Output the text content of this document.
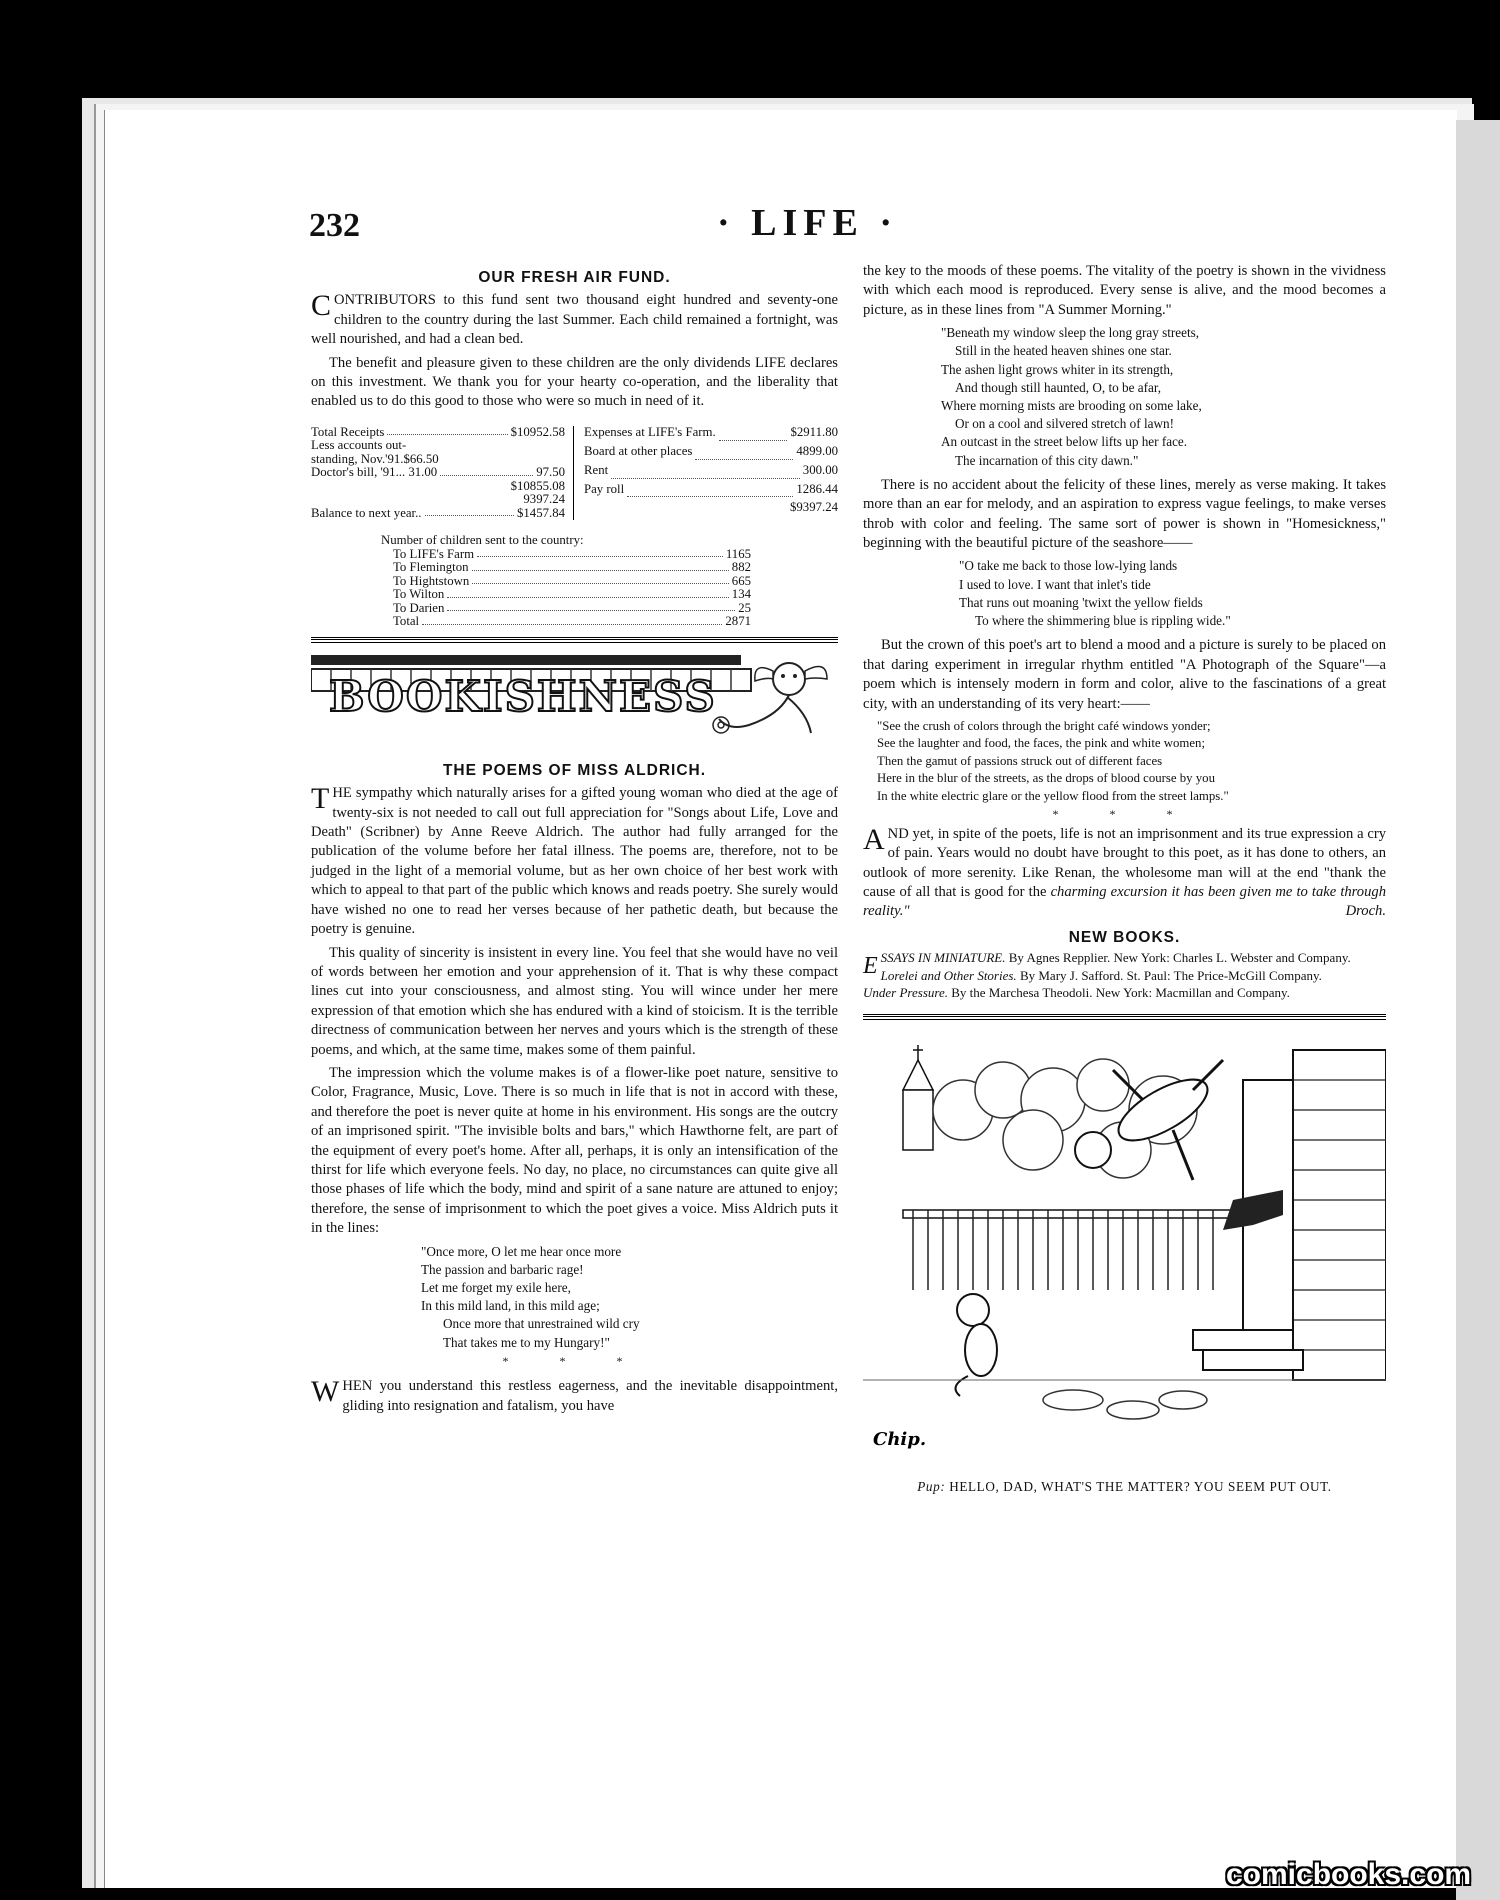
232	· LIFE ·
OUR FRESH AIR FUND.

CONTRIBUTORS to this fund sent two thousand eight hundred and seventy-one children to the country during the last Summer. Each child remained a fortnight, was well nourished, and had a clean bed.

The benefit and pleasure given to these children are the only dividends LIFE declares on this investment. We thank you for your hearty co-operation, and the liberality that enabled us to do this good to those who were so much in need of it.

Total Receipts	$10952.58
Less accounts out-
standing, Nov.'91.$66.50
Doctor's bill, '91... 31.00	97.50
$10855.08
9397.24
Balance to next year..	$1457.84
Expenses at LIFE's Farm.	$2911.80
Board at other places	4899.00
Rent	300.00
Pay roll	1286.44
$9397.24
Number of children sent to the country:
To LIFE's Farm	1165
To Flemington	882
To Hightstown	665
To Wilton	134
To Darien	25
Total	2871
BOOKISHNESS
THE POEMS OF MISS ALDRICH.

THE sympathy which naturally arises for a gifted young woman who died at the age of twenty-six is not needed to call out full appreciation for "Songs about Life, Love and Death" (Scribner) by Anne Reeve Aldrich. The author had fully arranged for the publication of the volume before her fatal illness. The poems are, therefore, not to be judged in the light of a memorial volume, but as her own choice of her best work with which to appeal to that part of the public which knows and reads poetry. She surely would have wished no one to read her verses because of her pathetic death, but because the poetry is genuine.

This quality of sincerity is insistent in every line. You feel that she would have no veil of words between her emotion and your apprehension of it. That is why these compact lines cut into your consciousness, and almost sting. You will wince under her mere expression of that emotion which she has endured with a kind of stoicism. It is the terrible directness of communication between her nerves and yours which is the strength of these poems, and which, at the same time, makes some of them painful.

The impression which the volume makes is of a flower-like poet nature, sensitive to Color, Fragrance, Music, Love. There is so much in life that is not in accord with these, and therefore the poet is never quite at home in his environment. His songs are the outcry of an imprisoned spirit. "The invisible bolts and bars," which Hawthorne felt, are part of the equipment of every poet's home. After all, perhaps, it is only an intensification of the thirst for life which everyone feels. No day, no place, no circumstances can quite give all those phases of life which the body, mind and spirit of a sane nature are attuned to enjoy; therefore, the sense of imprisonment to which the poet gives a voice. Miss Aldrich puts it in the lines:

"Once more, O let me hear once more
The passion and barbaric rage!
Let me forget my exile here,
In this mild land, in this mild age;
Once more that unrestrained wild cry
That takes me to my Hungary!"
* * *

WHEN you understand this restless eagerness, and the inevitable disappointment, gliding into resignation and fatalism, you have

the key to the moods of these poems. The vitality of the poetry is shown in the vividness with which each mood is reproduced. Every sense is alive, and the mood becomes a picture, as in these lines from "A Summer Morning."

"Beneath my window sleep the long gray streets,
Still in the heated heaven shines one star.
The ashen light grows whiter in its strength,
And though still haunted, O, to be afar,
Where morning mists are brooding on some lake,
Or on a cool and silvered stretch of lawn!
An outcast in the street below lifts up her face.
The incarnation of this city dawn."

There is no accident about the felicity of these lines, merely as verse making. It takes more than an ear for melody, and an aspiration to express vague feelings, to make verses throb with color and feeling. The same sort of power is shown in "Homesickness," beginning with the beautiful picture of the seashore——

"O take me back to those low-lying lands
I used to love. I want that inlet's tide
That runs out moaning 'twixt the yellow fields
To where the shimmering blue is rippling wide."

But the crown of this poet's art to blend a mood and a picture is surely to be placed on that daring experiment in irregular rhythm entitled "A Photograph of the Square"—a poem which is intensely modern in form and color, alive to the fascinations of a great city, with an understanding of its very heart:——

"See the crush of colors through the bright café windows yonder;
See the laughter and food, the faces, the pink and white women;
Then the gamut of passions struck out of different faces
Here in the blur of the streets, as the drops of blood course by you
In the white electric glare or the yellow flood from the street lamps."
* * *

AND yet, in spite of the poets, life is not an imprisonment and its true expression a cry of pain. Years would no doubt have brought to this poet, as it has done to others, an outlook of more serenity. Like Renan, the wholesome man will at the end "thank the cause of all that is good for the charming excursion it has been given me to take through reality."	Droch.

NEW BOOKS.
ESSAYS IN MINIATURE. By Agnes Repplier. New York: Charles L. Webster and Company.
Lorelei and Other Stories. By Mary J. Safford. St. Paul: The Price-McGill Company.
Under Pressure. By the Marchesa Theodoli. New York: Macmillan and Company.
Chip.
Pup: HELLO, DAD, WHAT'S THE MATTER? YOU SEEM PUT OUT.
comicbooks.com
